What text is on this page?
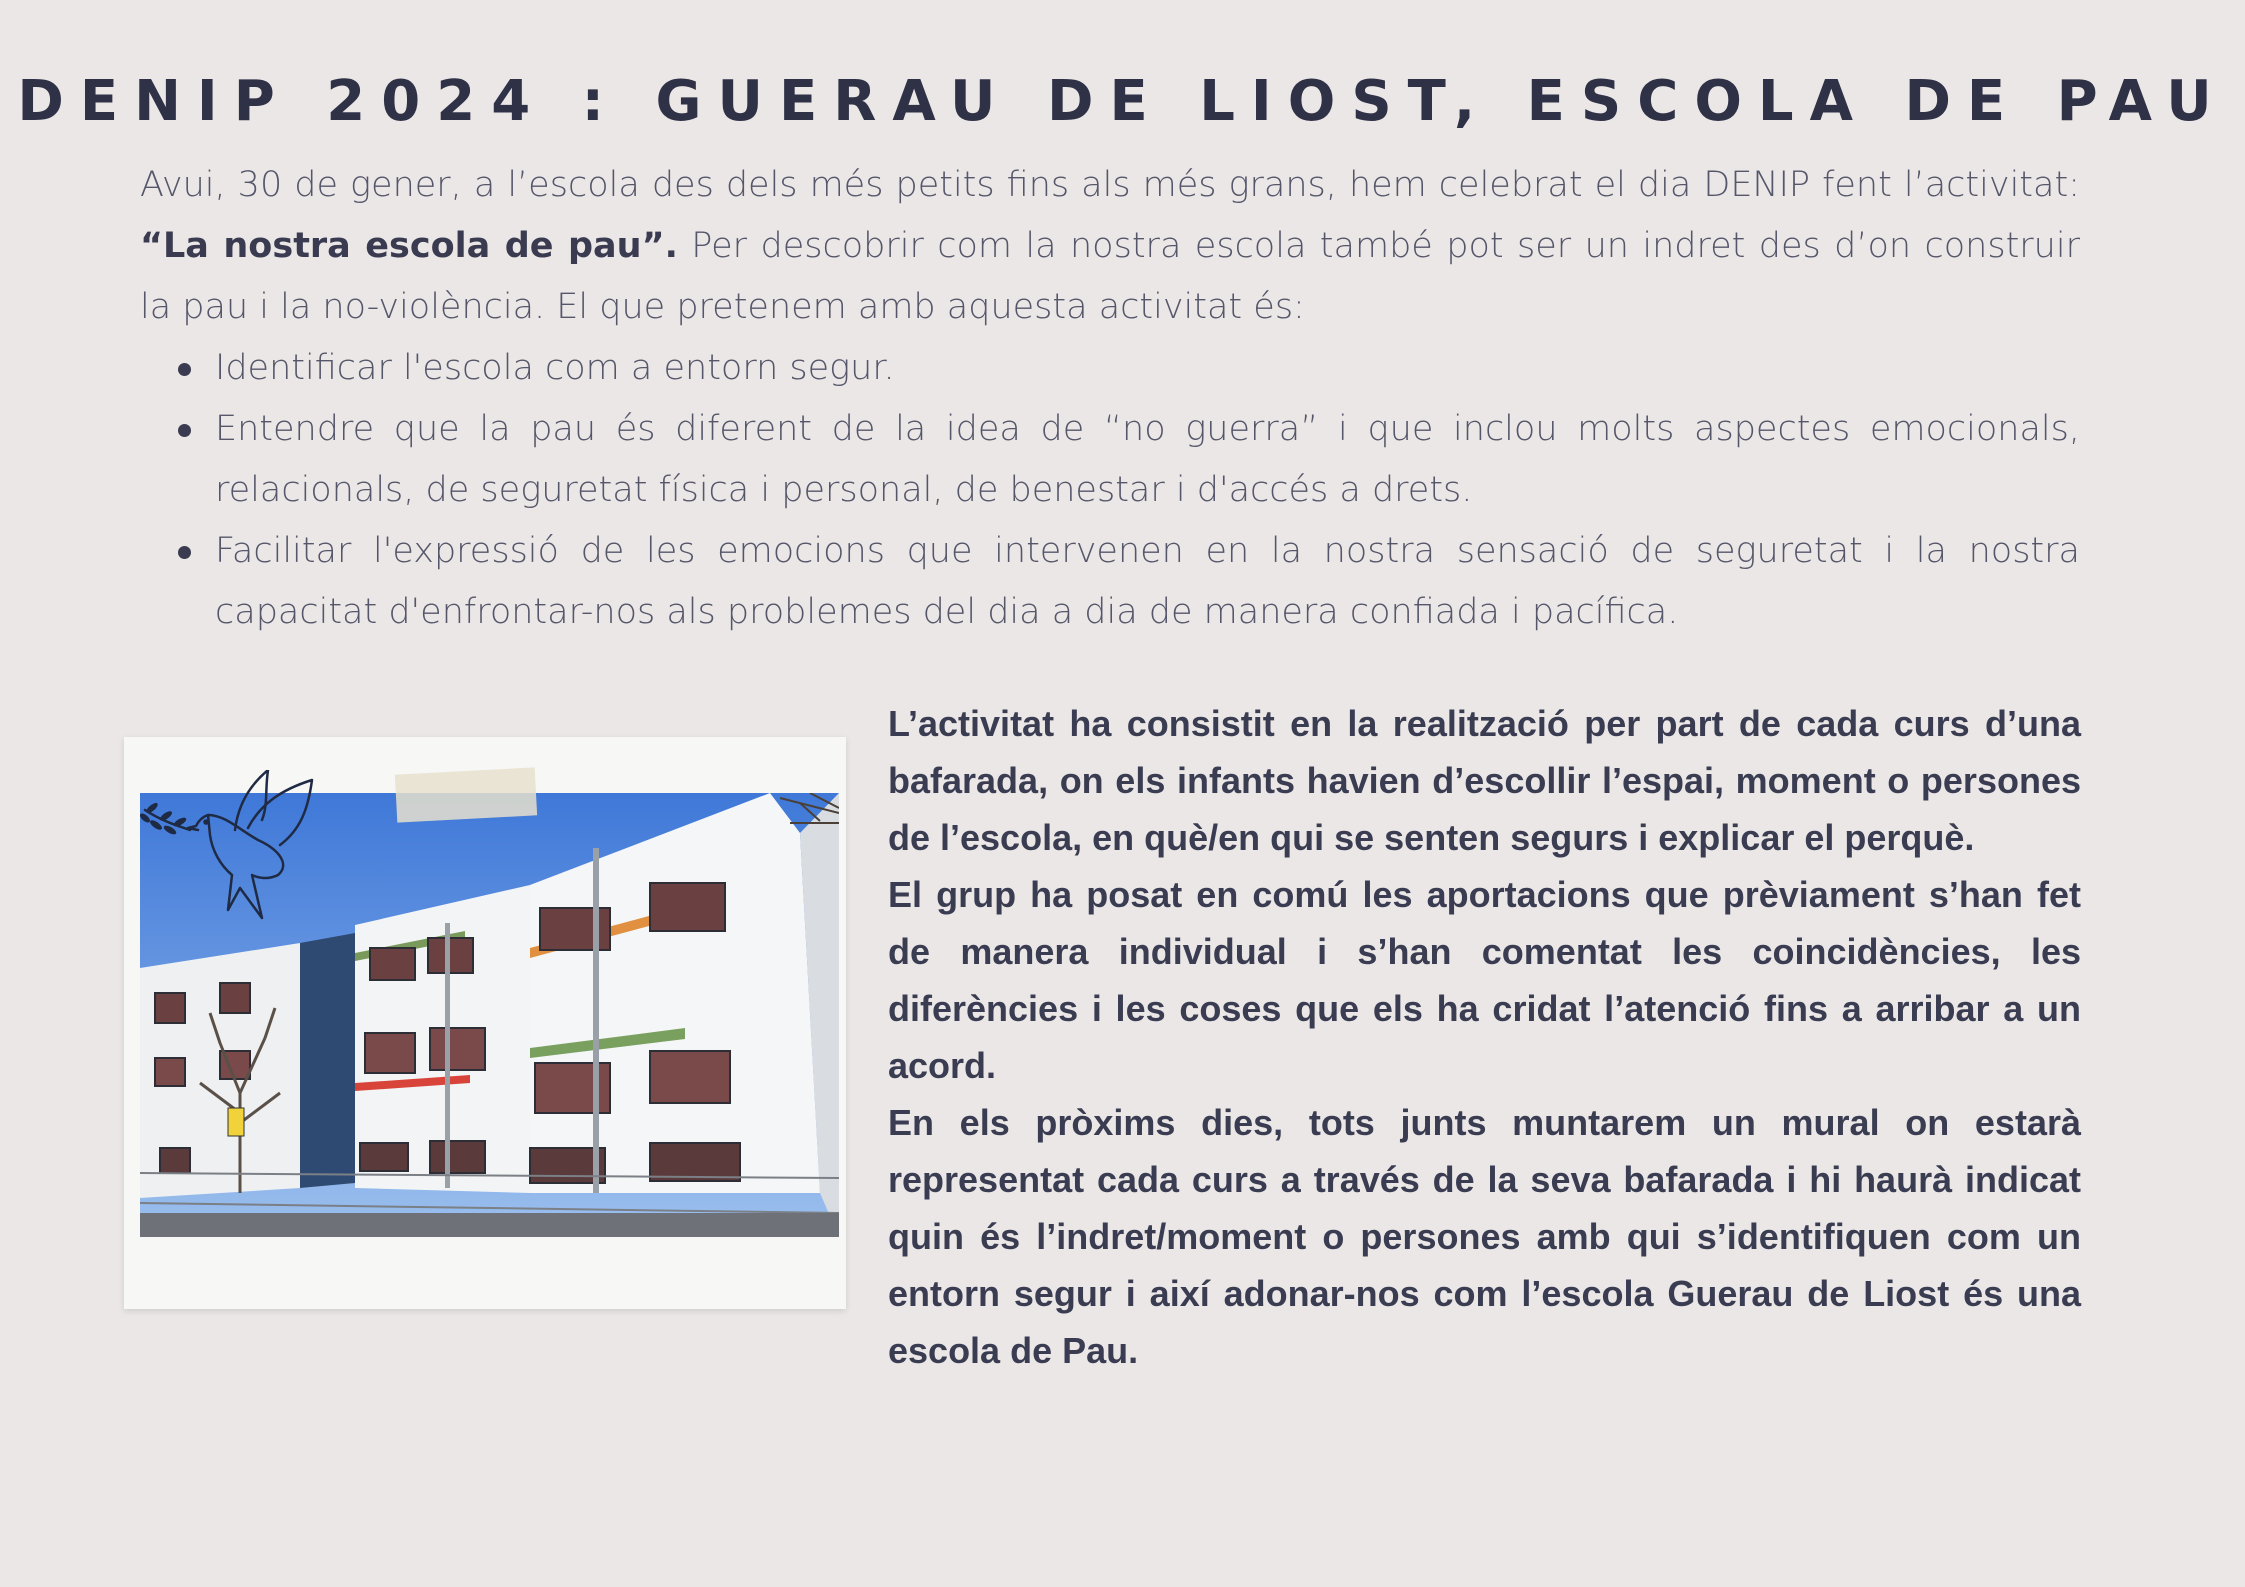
DENIP 2024 : GUERAU DE LIOST, ESCOLA DE PAU

Avui, 30 de gener, a l’escola des dels més petits fins als més grans, hem celebrat el dia DENIP fent l’activitat: “La nostra escola de pau”. Per descobrir com la nostra escola també pot ser un indret des d’on construir la pau i la no-violència. El que pretenem amb aquesta activitat és:

Identificar l'escola com a entorn segur.
Entendre que la pau és diferent de la idea de “no guerra” i que inclou molts aspectes emocionals, relacionals, de seguretat física i personal, de benestar i d'accés a drets.
Facilitar l'expressió de les emocions que intervenen en la nostra sensació de seguretat i la nostra capacitat d'enfrontar-nos als problemes del dia a dia de manera confiada i pacífica.

L’activitat ha consistit en la realització per part de cada curs d’una bafarada, on els infants havien d’escollir l’espai, moment o persones de l’escola, en què/en qui se senten segurs i explicar el perquè.

El grup ha posat en comú les aportacions que prèviament s’han fet de manera individual i s’han comentat les coincidències, les diferències i les coses que els ha cridat l’atenció fins a arribar a un acord.

En els pròxims dies, tots junts muntarem un mural on estarà representat cada curs a través de la seva bafarada i hi haurà indicat quin és l’indret/moment o persones amb qui s’identifiquen com un entorn segur i així adonar-nos com l’escola Guerau de Liost és una escola de Pau.
